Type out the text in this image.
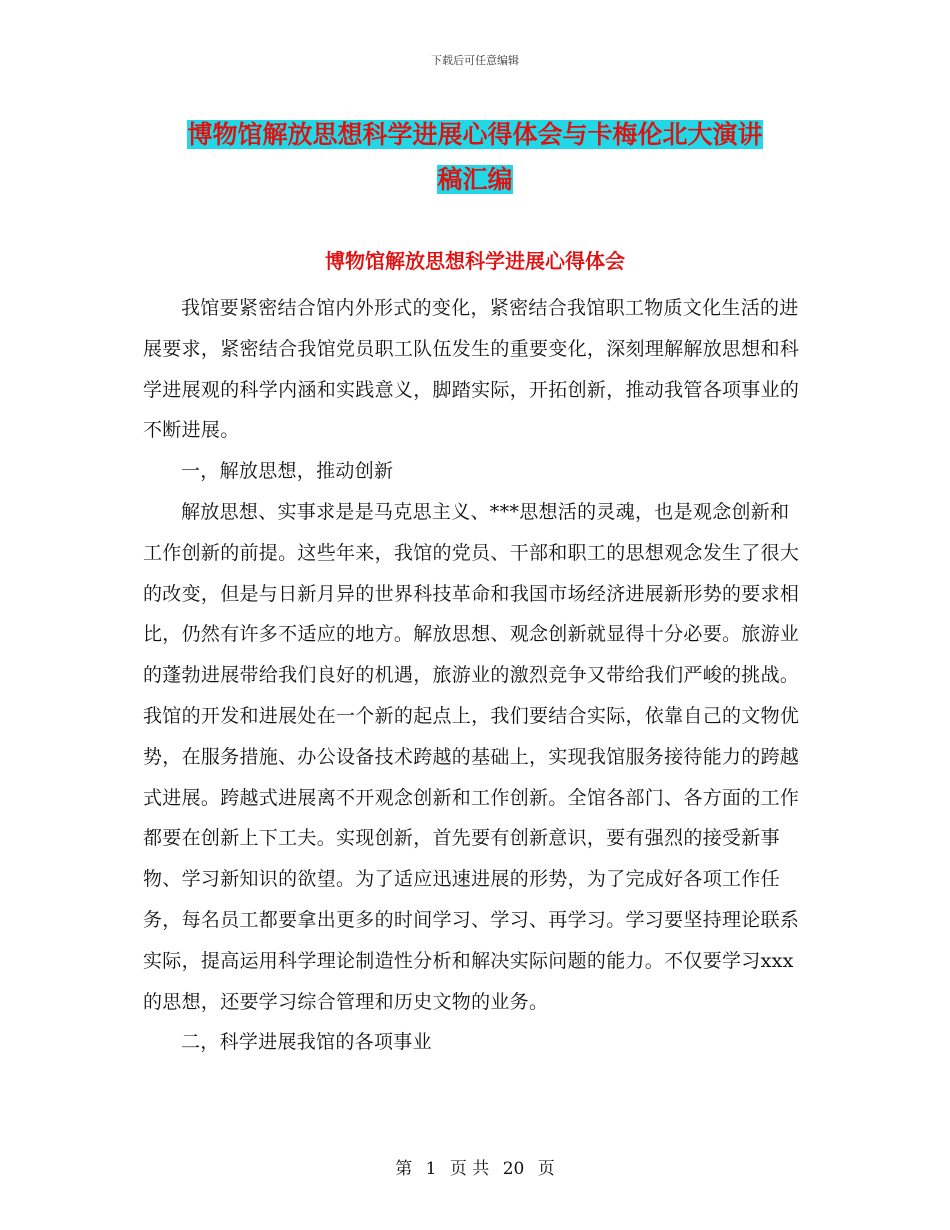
下载后可任意编辑
博物馆解放思想科学进展心得体会与卡梅伦北大演讲
稿汇编
博物馆解放思想科学进展心得体会

我馆要紧密结合馆内外形式的变化，紧密结合我馆职工物质文化生活的进展要求，紧密结合我馆党员职工队伍发生的重要变化，深刻理解解放思想和科学进展观的科学内涵和实践意义，脚踏实际，开拓创新，推动我管各项事业的不断进展。

一，解放思想，推动创新

解放思想、实事求是是马克思主义、***思想活的灵魂，也是观念创新和工作创新的前提。这些年来，我馆的党员、干部和职工的思想观念发生了很大的改变，但是与日新月异的世界科技革命和我国市场经济进展新形势的要求相比，仍然有许多不适应的地方。解放思想、观念创新就显得十分必要。旅游业的蓬勃进展带给我们良好的机遇，旅游业的激烈竞争又带给我们严峻的挑战。我馆的开发和进展处在一个新的起点上，我们要结合实际，依靠自己的文物优势，在服务措施、办公设备技术跨越的基础上，实现我馆服务接待能力的跨越式进展。跨越式进展离不开观念创新和工作创新。全馆各部门、各方面的工作都要在创新上下工夫。实现创新，首先要有创新意识，要有强烈的接受新事物、学习新知识的欲望。为了适应迅速进展的形势，为了完成好各项工作任务，每名员工都要拿出更多的时间学习、学习、再学习。学习要坚持理论联系实际，提高运用科学理论制造性分析和解决实际问题的能力。不仅要学习xxx的思想，还要学习综合管理和历史文物的业务。

二，科学进展我馆的各项事业

第 1 页 共 20 页
